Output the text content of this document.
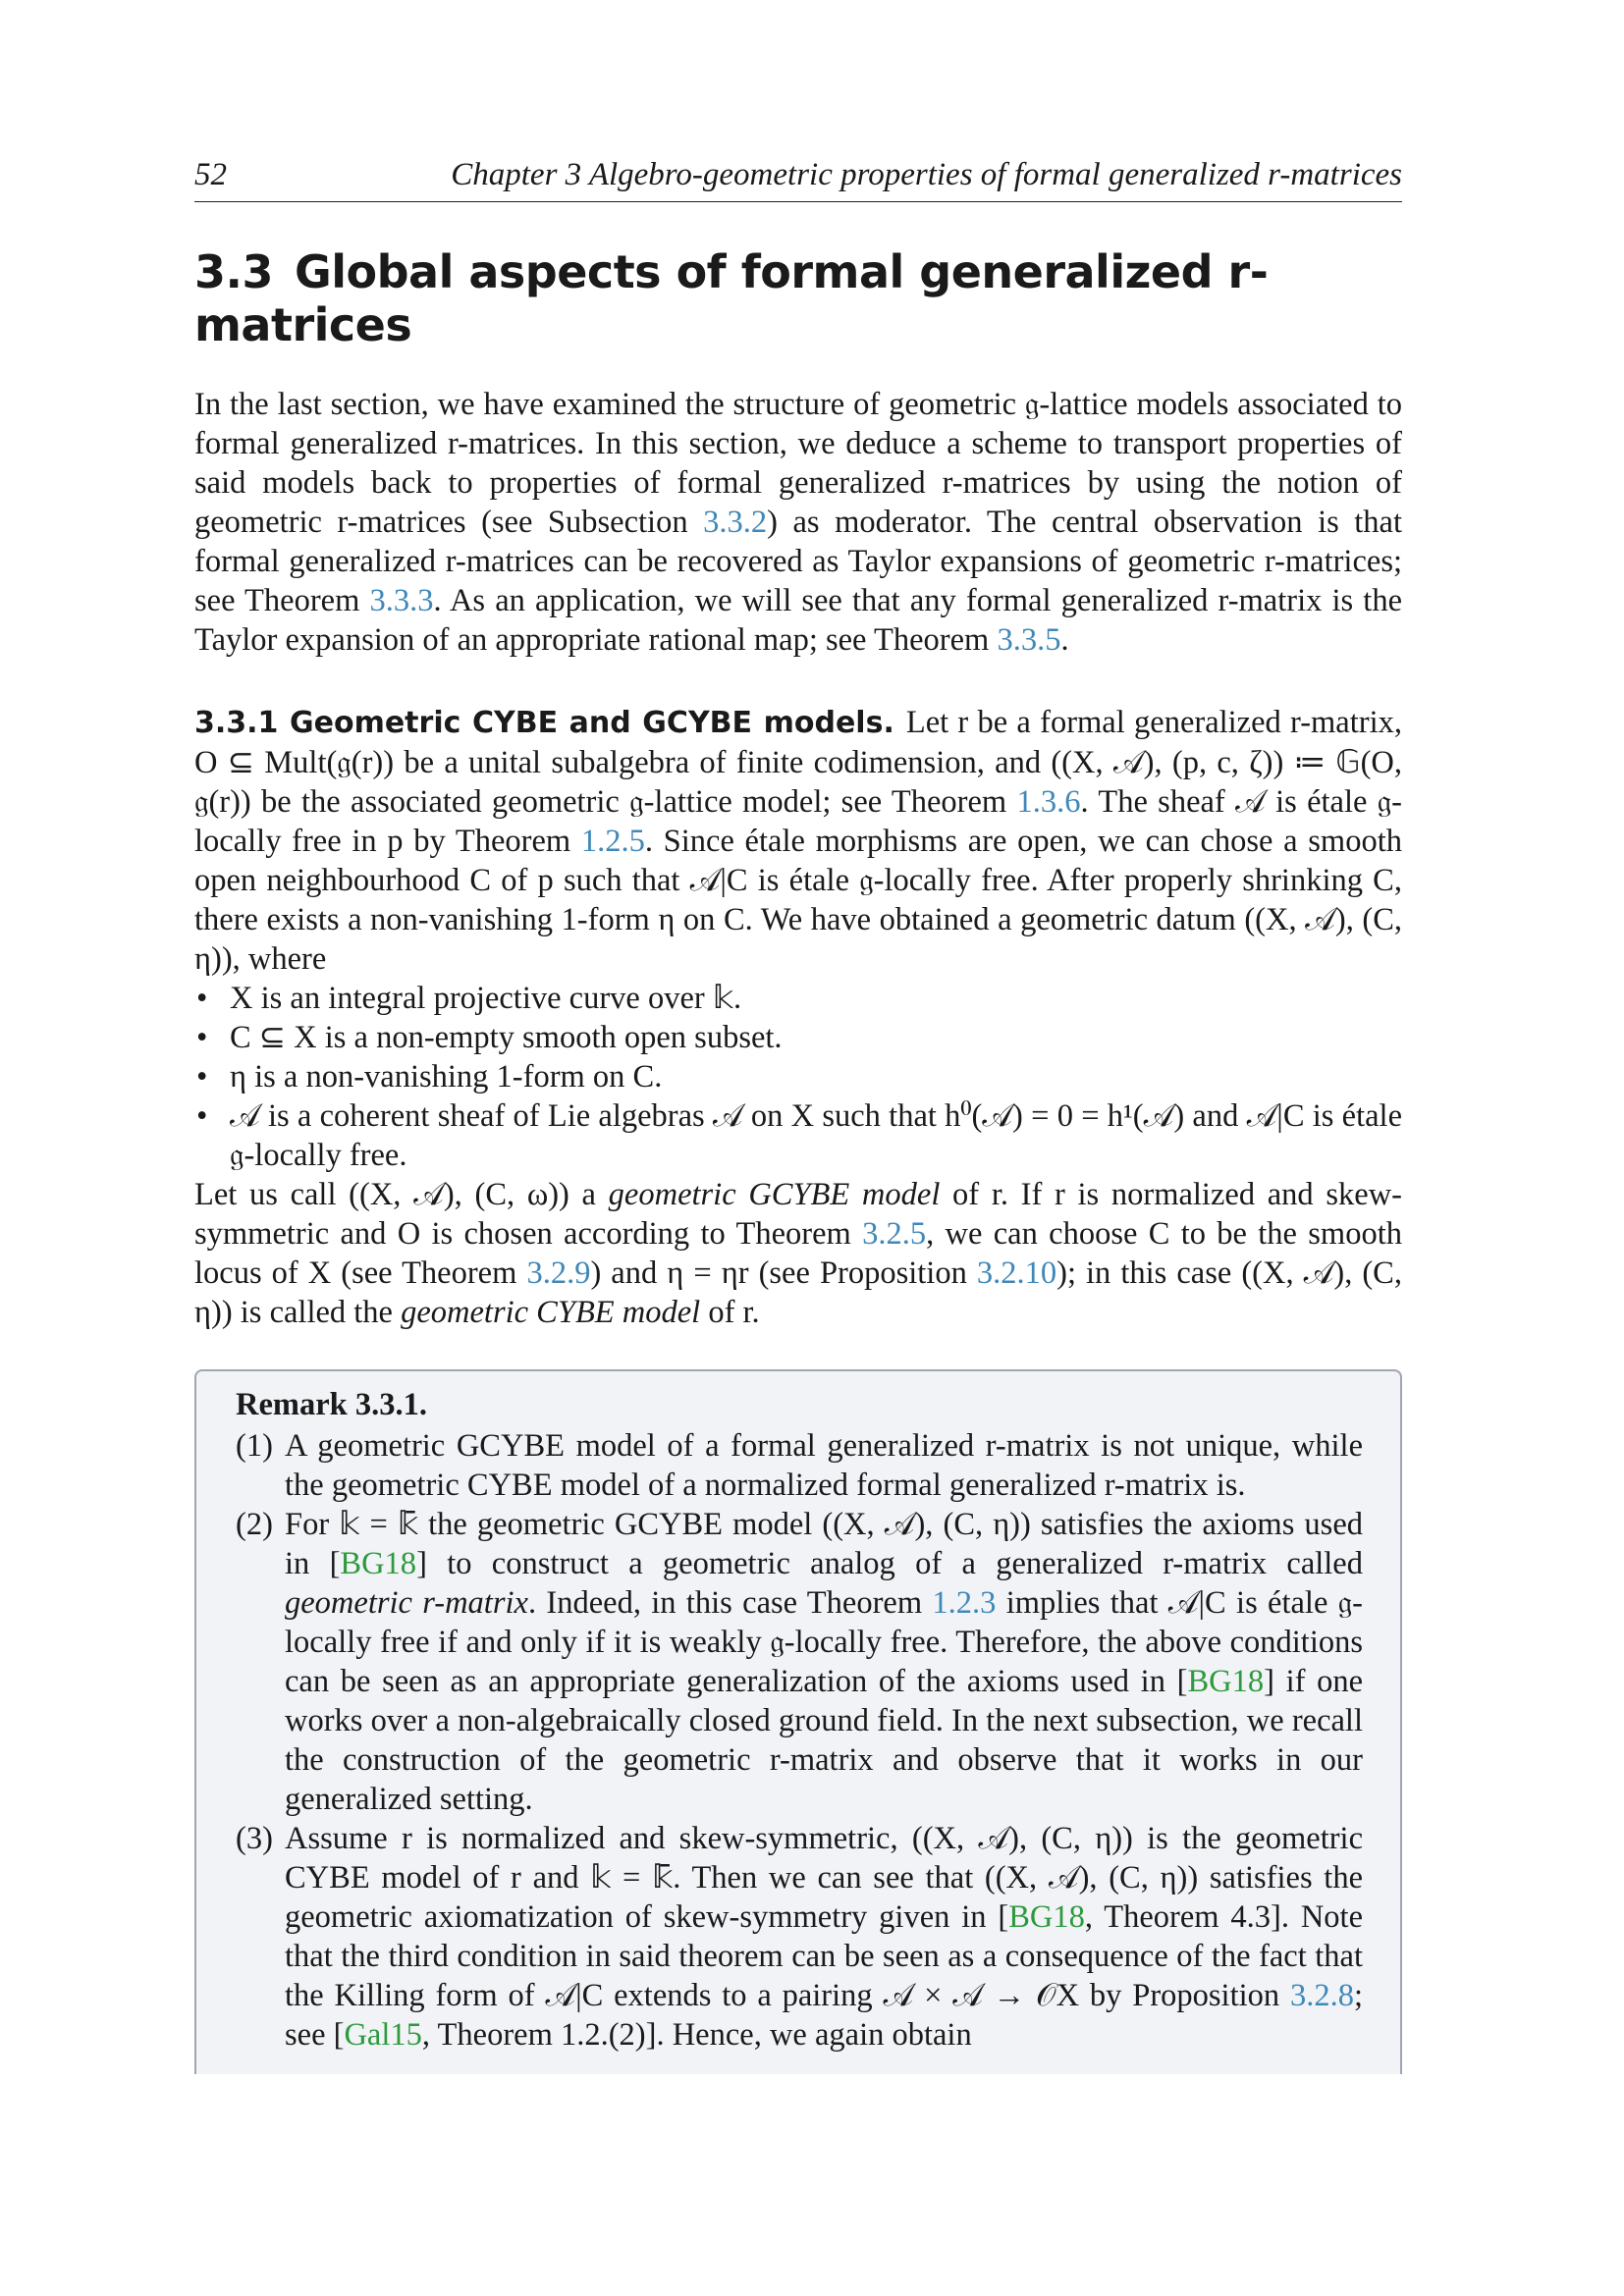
52	Chapter 3 Algebro-geometric properties of formal generalized r-matrices
3.3 Global aspects of formal generalized r-matrices

In the last section, we have examined the structure of geometric 𝔤-lattice models associated to formal generalized r-matrices. In this section, we deduce a scheme to transport properties of said models back to properties of formal generalized r-matrices by using the notion of geometric r-matrices (see Subsection 3.3.2) as moderator. The central observation is that formal generalized r-matrices can be recovered as Taylor expansions of geometric r-matrices; see Theorem 3.3.3. As an application, we will see that any formal generalized r-matrix is the Taylor expansion of an appropriate rational map; see Theorem 3.3.5.

3.3.1 Geometric CYBE and GCYBE models. Let r be a formal generalized r-matrix, O ⊆ Mult(𝔤(r)) be a unital subalgebra of finite codimension, and ((X, 𝒜), (p, c, ζ)) ≔ 𝔾(O, 𝔤(r)) be the associated geometric 𝔤-lattice model; see Theorem 1.3.6. The sheaf 𝒜 is étale 𝔤-locally free in p by Theorem 1.2.5. Since étale morphisms are open, we can chose a smooth open neighbourhood C of p such that 𝒜|C is étale 𝔤-locally free. After properly shrinking C, there exists a non-vanishing 1-form η on C. We have obtained a geometric datum ((X, 𝒜), (C, η)), where
• X is an integral projective curve over 𝕜.
• C ⊆ X is a non-empty smooth open subset.
• η is a non-vanishing 1-form on C.
• 𝒜 is a coherent sheaf of Lie algebras 𝒜 on X such that h⁰(𝒜) = 0 = h¹(𝒜) and 𝒜|C is étale 𝔤-locally free.

Let us call ((X, 𝒜), (C, ω)) a geometric GCYBE model of r. If r is normalized and skew-symmetric and O is chosen according to Theorem 3.2.5, we can choose C to be the smooth locus of X (see Theorem 3.2.9) and η = ηr (see Proposition 3.2.10); in this case ((X, 𝒜), (C, η)) is called the geometric CYBE model of r.

Remark 3.3.1.
(1) A geometric GCYBE model of a formal generalized r-matrix is not unique, while the geometric CYBE model of a normalized formal generalized r-matrix is.
(2) For 𝕜 = 𝕜̄ the geometric GCYBE model ((X, 𝒜), (C, η)) satisfies the axioms used in [BG18] to construct a geometric analog of a generalized r-matrix called geometric r-matrix. Indeed, in this case Theorem 1.2.3 implies that 𝒜|C is étale 𝔤-locally free if and only if it is weakly 𝔤-locally free. Therefore, the above conditions can be seen as an appropriate generalization of the axioms used in [BG18] if one works over a non-algebraically closed ground field. In the next subsection, we recall the construction of the geometric r-matrix and observe that it works in our generalized setting.
(3) Assume r is normalized and skew-symmetric, ((X, 𝒜), (C, η)) is the geometric CYBE model of r and 𝕜 = 𝕜̄. Then we can see that ((X, 𝒜), (C, η)) satisfies the geometric axiomatization of skew-symmetry given in [BG18, Theorem 4.3]. Note that the third condition in said theorem can be seen as a consequence of the fact that the Killing form of 𝒜|C extends to a pairing 𝒜 × 𝒜 → 𝒪X by Proposition 3.2.8; see [Gal15, Theorem 1.2.(2)]. Hence, we again obtain
